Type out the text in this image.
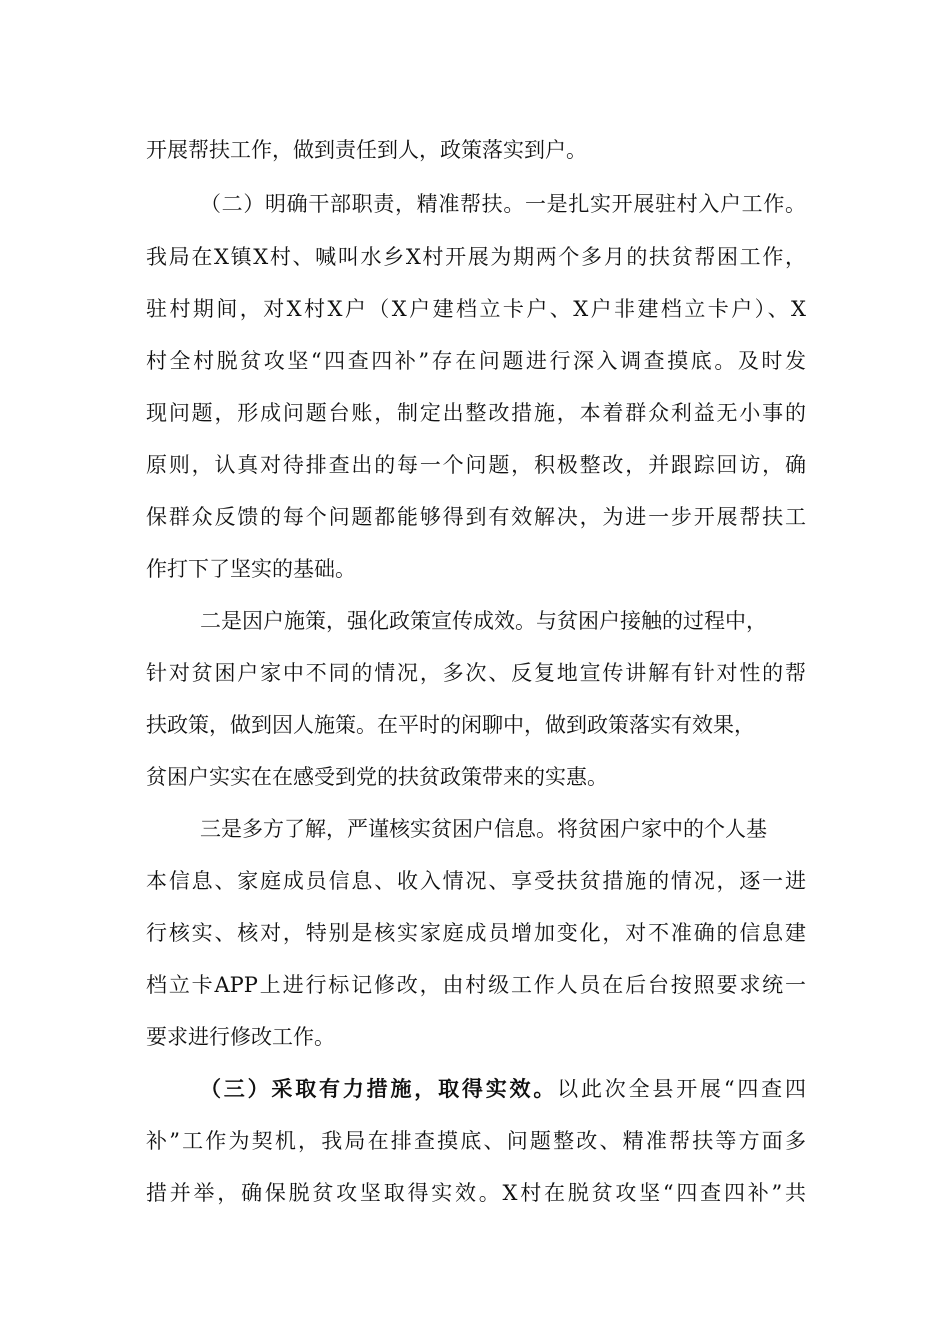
开展帮扶工作，做到责任到人，政策落实到户。
（二）明确干部职责，精准帮扶。一是扎实开展驻村入户工作。
我局在X镇X村、喊叫水乡X村开展为期两个多月的扶贫帮困工作，
驻村期间，对X村X户（X户建档立卡户、X户非建档立卡户）、X
村全村脱贫攻坚“四查四补”存在问题进行深入调查摸底。及时发
现问题，形成问题台账，制定出整改措施，本着群众利益无小事的
原则，认真对待排查出的每一个问题，积极整改，并跟踪回访，确
保群众反馈的每个问题都能够得到有效解决，为进一步开展帮扶工
作打下了坚实的基础。
二是因户施策，强化政策宣传成效。与贫困户接触的过程中，
针对贫困户家中不同的情况，多次、反复地宣传讲解有针对性的帮
扶政策，做到因人施策。在平时的闲聊中，做到政策落实有效果，
贫困户实实在在感受到党的扶贫政策带来的实惠。
三是多方了解，严谨核实贫困户信息。将贫困户家中的个人基
本信息、家庭成员信息、收入情况、享受扶贫措施的情况，逐一进
行核实、核对，特别是核实家庭成员增加变化，对不准确的信息建
档立卡APP上进行标记修改，由村级工作人员在后台按照要求统一
要求进行修改工作。
（三）采取有力措施，取得实效。以此次全县开展“四查四
补”工作为契机，我局在排查摸底、问题整改、精准帮扶等方面多
措并举，确保脱贫攻坚取得实效。X村在脱贫攻坚“四查四补”共
